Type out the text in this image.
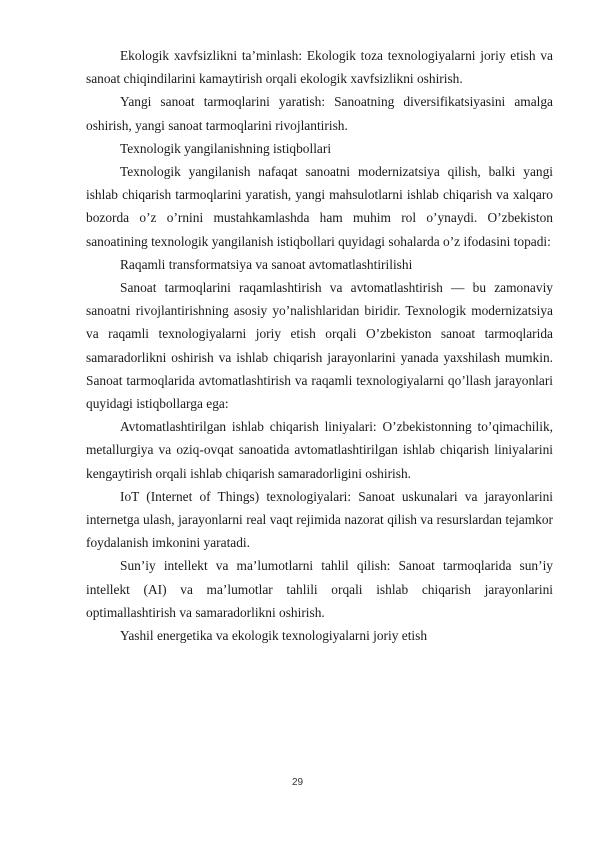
Ekologik xavfsizlikni ta’minlash: Ekologik toza texnologiyalarni joriy etish va sanoat chiqindilarini kamaytirish orqali ekologik xavfsizlikni oshirish.

Yangi sanoat tarmoqlarini yaratish: Sanoatning diversifikatsiyasini amalga oshirish, yangi sanoat tarmoqlarini rivojlantirish.

Texnologik yangilanishning istiqbollari

Texnologik yangilanish nafaqat sanoatni modernizatsiya qilish, balki yangi ishlab chiqarish tarmoqlarini yaratish, yangi mahsulotlarni ishlab chiqarish va xalqaro bozorda o’z o’rnini mustahkamlashda ham muhim rol o’ynaydi. O’zbekiston sanoatining texnologik yangilanish istiqbollari quyidagi sohalarda o’z ifodasini topadi:

Raqamli transformatsiya va sanoat avtomatlashtirilishi

Sanoat tarmoqlarini raqamlashtirish va avtomatlashtirish — bu zamonaviy sanoatni rivojlantirishning asosiy yo’nalishlaridan biridir. Texnologik modernizatsiya va raqamli texnologiyalarni joriy etish orqali O’zbekiston sanoat tarmoqlarida samaradorlikni oshirish va ishlab chiqarish jarayonlarini yanada yaxshilash mumkin. Sanoat tarmoqlarida avtomatlashtirish va raqamli texnologiyalarni qo’llash jarayonlari quyidagi istiqbollarga ega:

Avtomatlashtirilgan ishlab chiqarish liniyalari: O’zbekistonning to’qimachilik, metallurgiya va oziq-ovqat sanoatida avtomatlashtirilgan ishlab chiqarish liniyalarini kengaytirish orqali ishlab chiqarish samaradorligini oshirish.

IoT (Internet of Things) texnologiyalari: Sanoat uskunalari va jarayonlarini internetga ulash, jarayonlarni real vaqt rejimida nazorat qilish va resurslardan tejamkor foydalanish imkonini yaratadi.

Sun’iy intellekt va ma’lumotlarni tahlil qilish: Sanoat tarmoqlarida sun’iy intellekt (AI) va ma’lumotlar tahlili orqali ishlab chiqarish jarayonlarini optimallashtirish va samaradorlikni oshirish.

Yashil energetika va ekologik texnologiyalarni joriy etish

29
